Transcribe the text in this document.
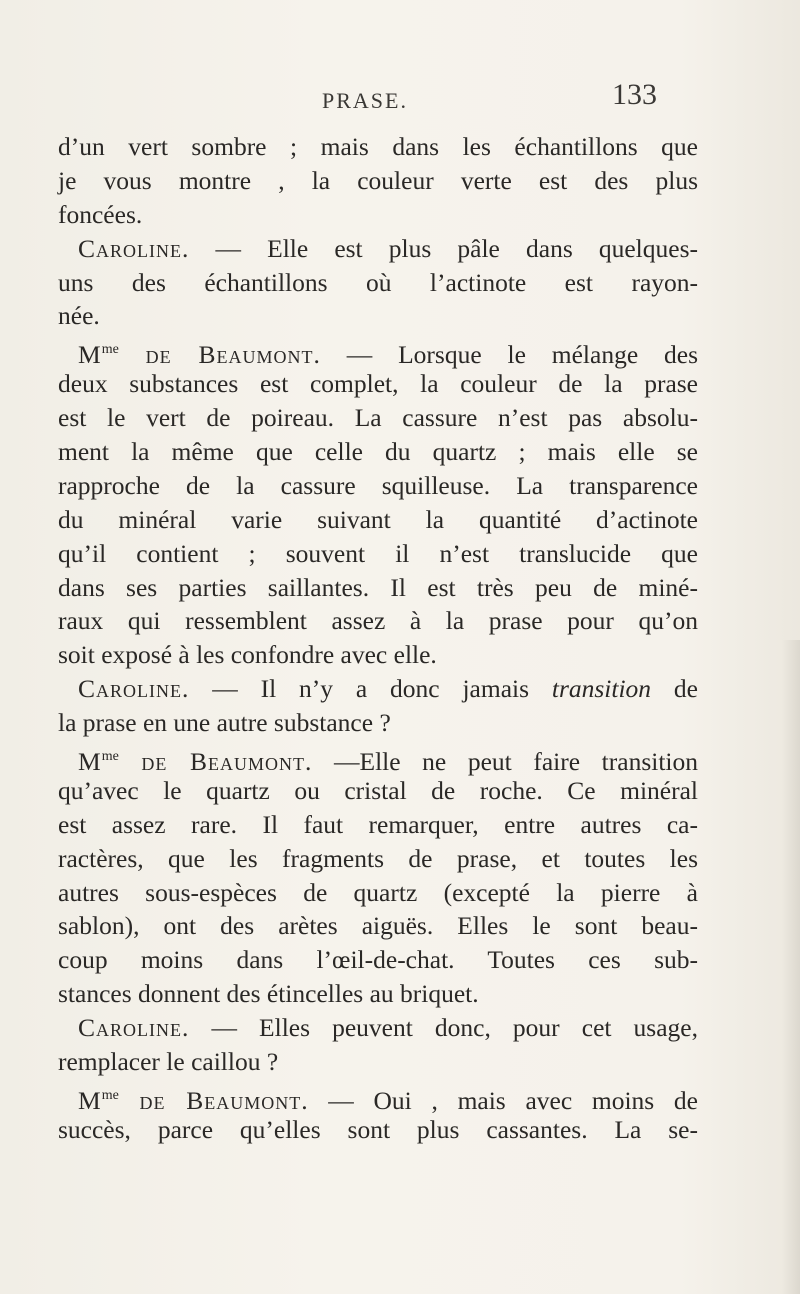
PRASE.	133
d’un vert sombre ; mais dans les échantillons que
je vous montre , la couleur verte est des plus
foncées.
Caroline. — Elle est plus pâle dans quelques-
uns des échantillons où l’actinote est rayon-
née.
$M^{me}$ de Beaumont. — Lorsque le mélange des
deux substances est complet, la couleur de la prase
est le vert de poireau. La cassure n’est pas absolu-
ment la même que celle du quartz ; mais elle se
rapproche de la cassure squilleuse. La transparence
du minéral varie suivant la quantité d’actinote
qu’il contient ; souvent il n’est translucide que
dans ses parties saillantes. Il est très peu de miné-
raux qui ressemblent assez à la prase pour qu’on
soit exposé à les confondre avec elle.
Caroline. — Il n’y a donc jamais transition de
la prase en une autre substance ?
$M^{me}$ de Beaumont. —Elle ne peut faire transition
qu’avec le quartz ou cristal de roche. Ce minéral
est assez rare. Il faut remarquer, entre autres ca-
ractères, que les fragments de prase, et toutes les
autres sous-espèces de quartz (excepté la pierre à
sablon), ont des arètes aiguës. Elles le sont beau-
coup moins dans l’œil-de-chat. Toutes ces sub-
stances donnent des étincelles au briquet.
Caroline. — Elles peuvent donc, pour cet usage,
remplacer le caillou ?
$M^{me}$ de Beaumont. — Oui , mais avec moins de
succès, parce qu’elles sont plus cassantes. La se-
